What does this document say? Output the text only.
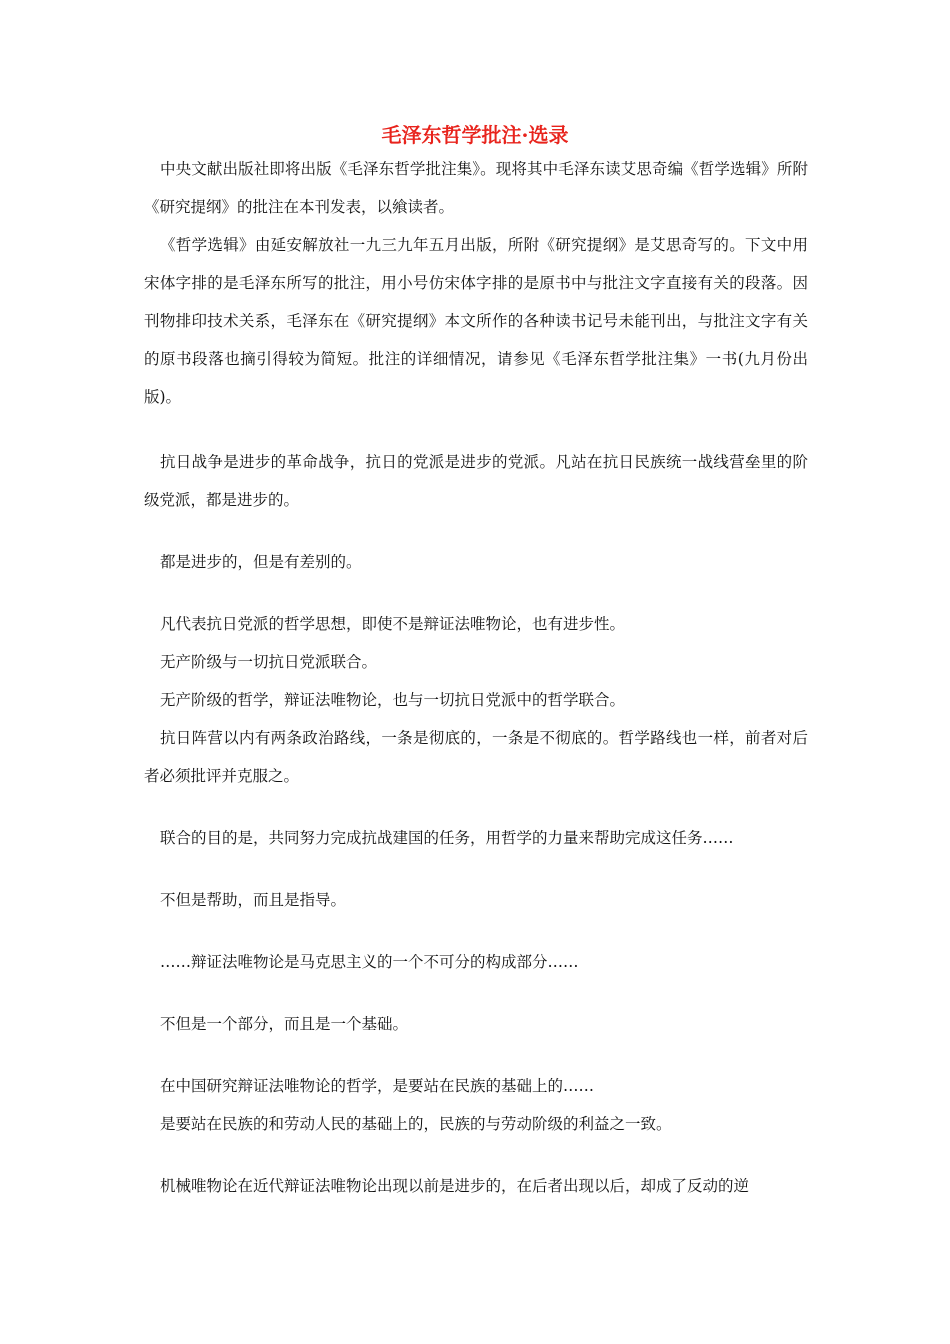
毛泽东哲学批注·选录

中央文献出版社即将出版《毛泽东哲学批注集》。现将其中毛泽东读艾思奇编《哲学选辑》所附《研究提纲》的批注在本刊发表，以飨读者。

《哲学选辑》由延安解放社一九三九年五月出版，所附《研究提纲》是艾思奇写的。下文中用宋体字排的是毛泽东所写的批注，用小号仿宋体字排的是原书中与批注文字直接有关的段落。因刊物排印技术关系，毛泽东在《研究提纲》本文所作的各种读书记号未能刊出，与批注文字有关的原书段落也摘引得较为简短。批注的详细情况，请参见《毛泽东哲学批注集》一书(九月份出版)。

抗日战争是进步的革命战争，抗日的党派是进步的党派。凡站在抗日民族统一战线营垒里的阶级党派，都是进步的。

都是进步的，但是有差别的。

凡代表抗日党派的哲学思想，即使不是辩证法唯物论，也有进步性。

无产阶级与一切抗日党派联合。

无产阶级的哲学，辩证法唯物论，也与一切抗日党派中的哲学联合。

抗日阵营以内有两条政治路线，一条是彻底的，一条是不彻底的。哲学路线也一样，前者对后者必须批评并克服之。

联合的目的是，共同努力完成抗战建国的任务，用哲学的力量来帮助完成这任务……

不但是帮助，而且是指导。

……辩证法唯物论是马克思主义的一个不可分的构成部分……

不但是一个部分，而且是一个基础。

在中国研究辩证法唯物论的哲学，是要站在民族的基础上的……

是要站在民族的和劳动人民的基础上的，民族的与劳动阶级的利益之一致。

机械唯物论在近代辩证法唯物论出现以前是进步的，在后者出现以后，却成了反动的逆
